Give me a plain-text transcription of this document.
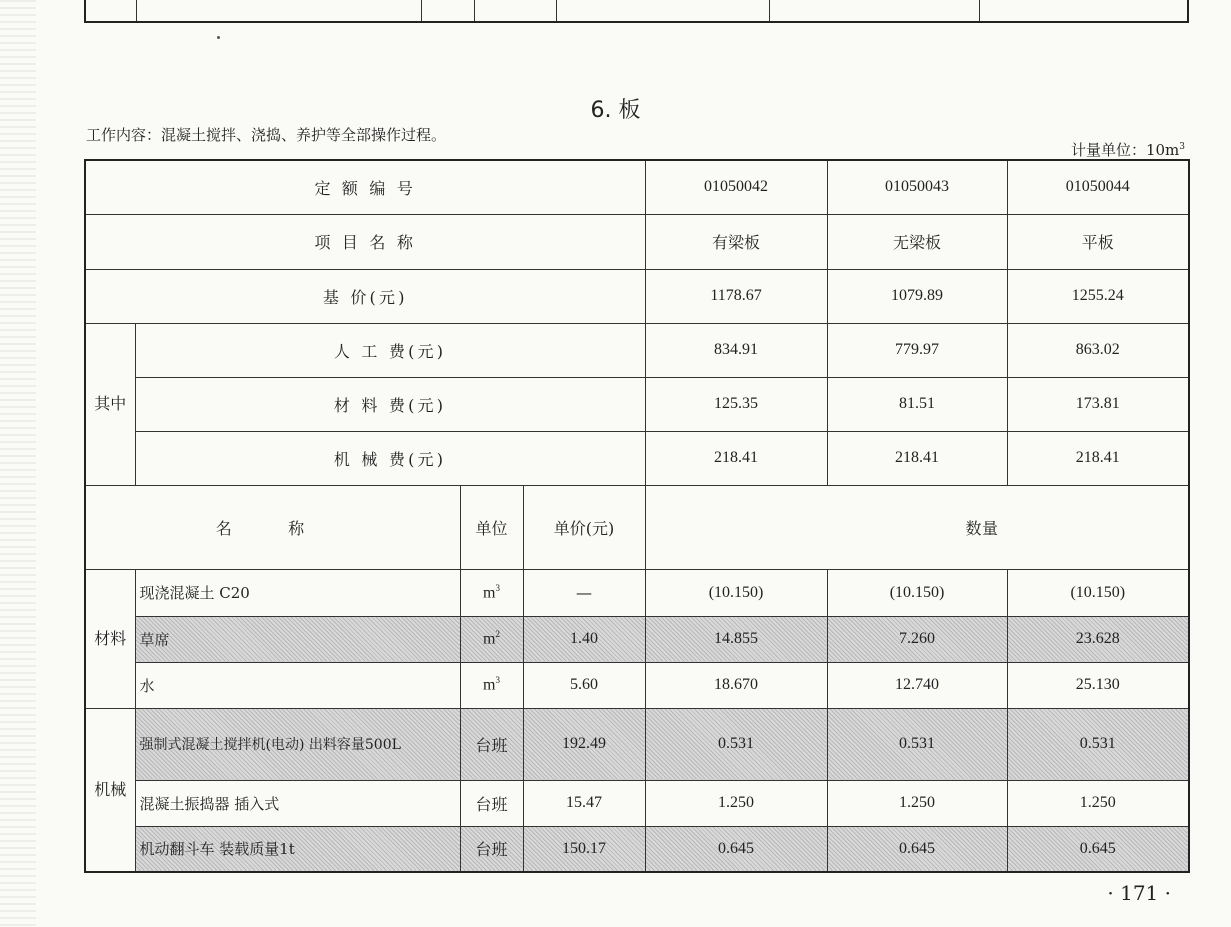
6. 板
工作内容：混凝土搅拌、浇捣、养护等全部操作过程。
计量单位：$10m^3$
定 额 编 号				01050042	01050043	01050044
项 目 名 称				有梁板	无梁板	平板
基 价(元)				1178.67	1079.89	1255.24
其中	人 工 费(元)			834.91	779.97	863.02
	材 料 费(元)			125.35	81.51	173.81
	机 械 费(元)			218.41	218.41	218.41
名 称		单位	单价(元)	数 量		

材料	现浇混凝土 C20	$m^3$	—	(10.150)	(10.150)	(10.150)
	草席	$m^2$	1.40	14.855	7.260	23.628
	水	$m^3$	5.60	18.670	12.740	25.130
机械	强制式混凝土搅拌机(电动) 出料容量500L	台班	192.49	0.531	0.531	0.531
	混凝土振捣器 插入式	台班	15.47	1.250	1.250	1.250
	机动翻斗车 装载质量1t	台班	150.17	0.645	0.645	0.645
· 171 ·
